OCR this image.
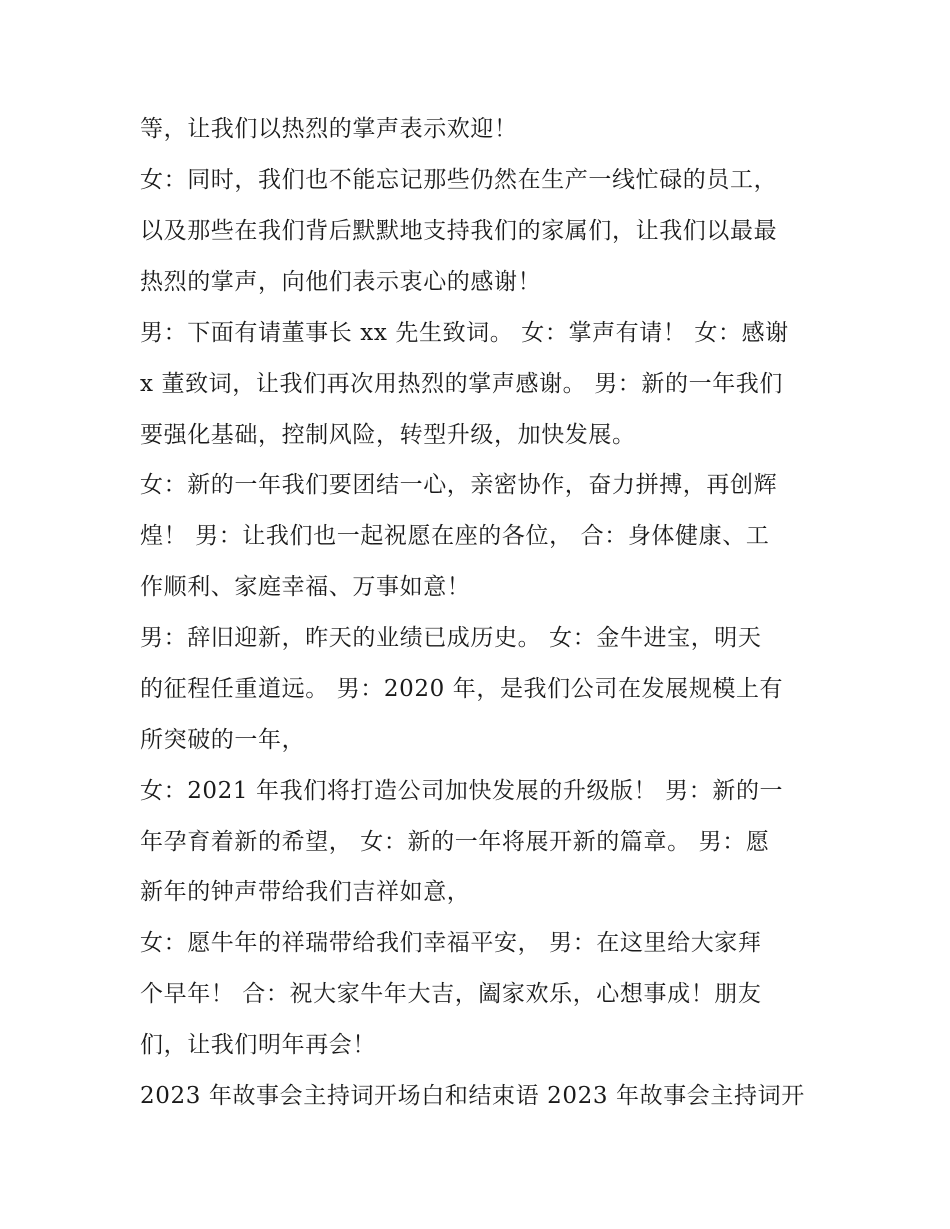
等，让我们以热烈的掌声表示欢迎！
女：同时，我们也不能忘记那些仍然在生产一线忙碌的员工，
以及那些在我们背后默默地支持我们的家属们，让我们以最最
热烈的掌声，向他们表示衷心的感谢！
男：下面有请董事长 xx 先生致词。 女：掌声有请！ 女：感谢
x 董致词，让我们再次用热烈的掌声感谢。 男：新的一年我们
要强化基础，控制风险，转型升级，加快发展。
女：新的一年我们要团结一心，亲密协作，奋力拼搏，再创辉
煌！ 男：让我们也一起祝愿在座的各位， 合：身体健康、工
作顺利、家庭幸福、万事如意！
男：辞旧迎新，昨天的业绩已成历史。 女：金牛进宝，明天
的征程任重道远。 男：2020 年，是我们公司在发展规模上有
所突破的一年，
女：2021 年我们将打造公司加快发展的升级版！ 男：新的一
年孕育着新的希望， 女：新的一年将展开新的篇章。 男：愿
新年的钟声带给我们吉祥如意，
女：愿牛年的祥瑞带给我们幸福平安， 男：在这里给大家拜
个早年！ 合：祝大家牛年大吉，阖家欢乐，心想事成！朋友
们，让我们明年再会！
2023 年故事会主持词开场白和结束语 2023 年故事会主持词开
